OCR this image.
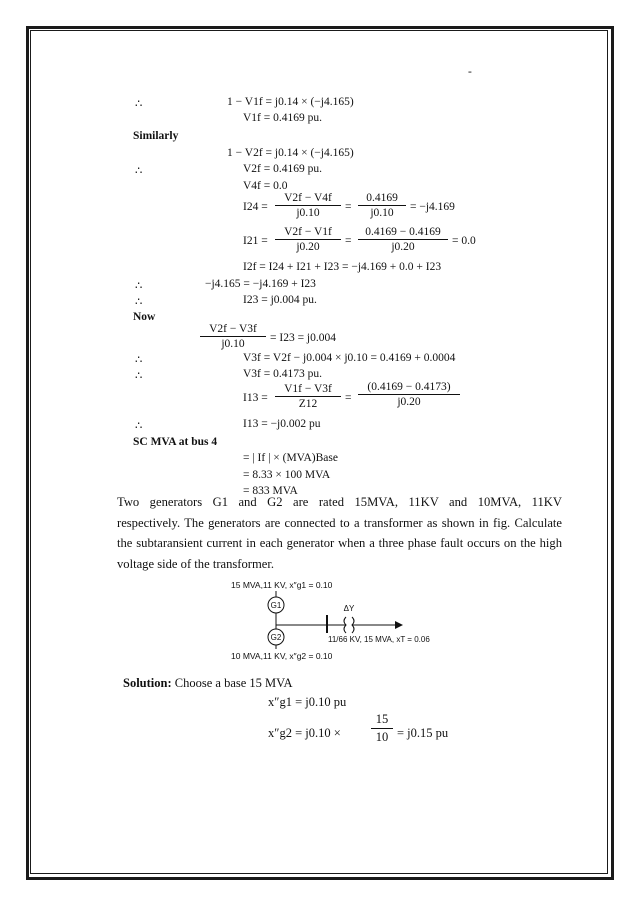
-
∴	1 − V1f = j0.14 × (−j4.165)
V1f = 0.4169 pu.
Similarly
1 − V2f = j0.14 × (−j4.165)
∴	V2f = 0.4169 pu.
V4f = 0.0
$I24 = \frac{V2f - V4f}{j0.10} = \frac{0.4169}{j0.10} = -j4.169$
$I21 = \frac{V2f - V1f}{j0.20} = \frac{0.4169 - 0.4169}{j0.20} = 0.0$
I2f = I24 + I21 + I23 = −j4.169 + 0.0 + I23
∴	−j4.165 = −j4.169 + I23
∴	I23 = j0.004 pu.
Now
$\frac{V2f - V3f}{j0.10} = I23 = j0.004$
∴	V3f = V2f − j0.004 × j0.10 = 0.4169 + 0.0004
∴	V3f = 0.4173 pu.
$I13 = \frac{V1f - V3f}{Z12} = \frac{(0.4169 - 0.4173)}{j0.20}$
∴	I13 = −j0.002 pu
SC MVA at bus 4
= | If | × (MVA)Base
= 8.33 × 100 MVA
= 833 MVA
Two generators G1 and G2 are rated 15MVA, 11KV and 10MVA, 11KV
respectively. The generators are connected to a transformer as shown in fig. Calculate
the subtaransient current in each generator when a three phase fault occurs on the high
voltage side of the transformer.
15 MVA,11 KV, x″g1 = 0.10
G1	ΔY
11/66 KV, 15 MVA, xT = 0.06
G2
10 MVA,11 KV, x″g2 = 0.10
Solution: Choose a base 15 MVA
x″g1 = j0.10 pu
$x''g2 = j0.10 \times \frac{15}{10} = j0.15$ pu
